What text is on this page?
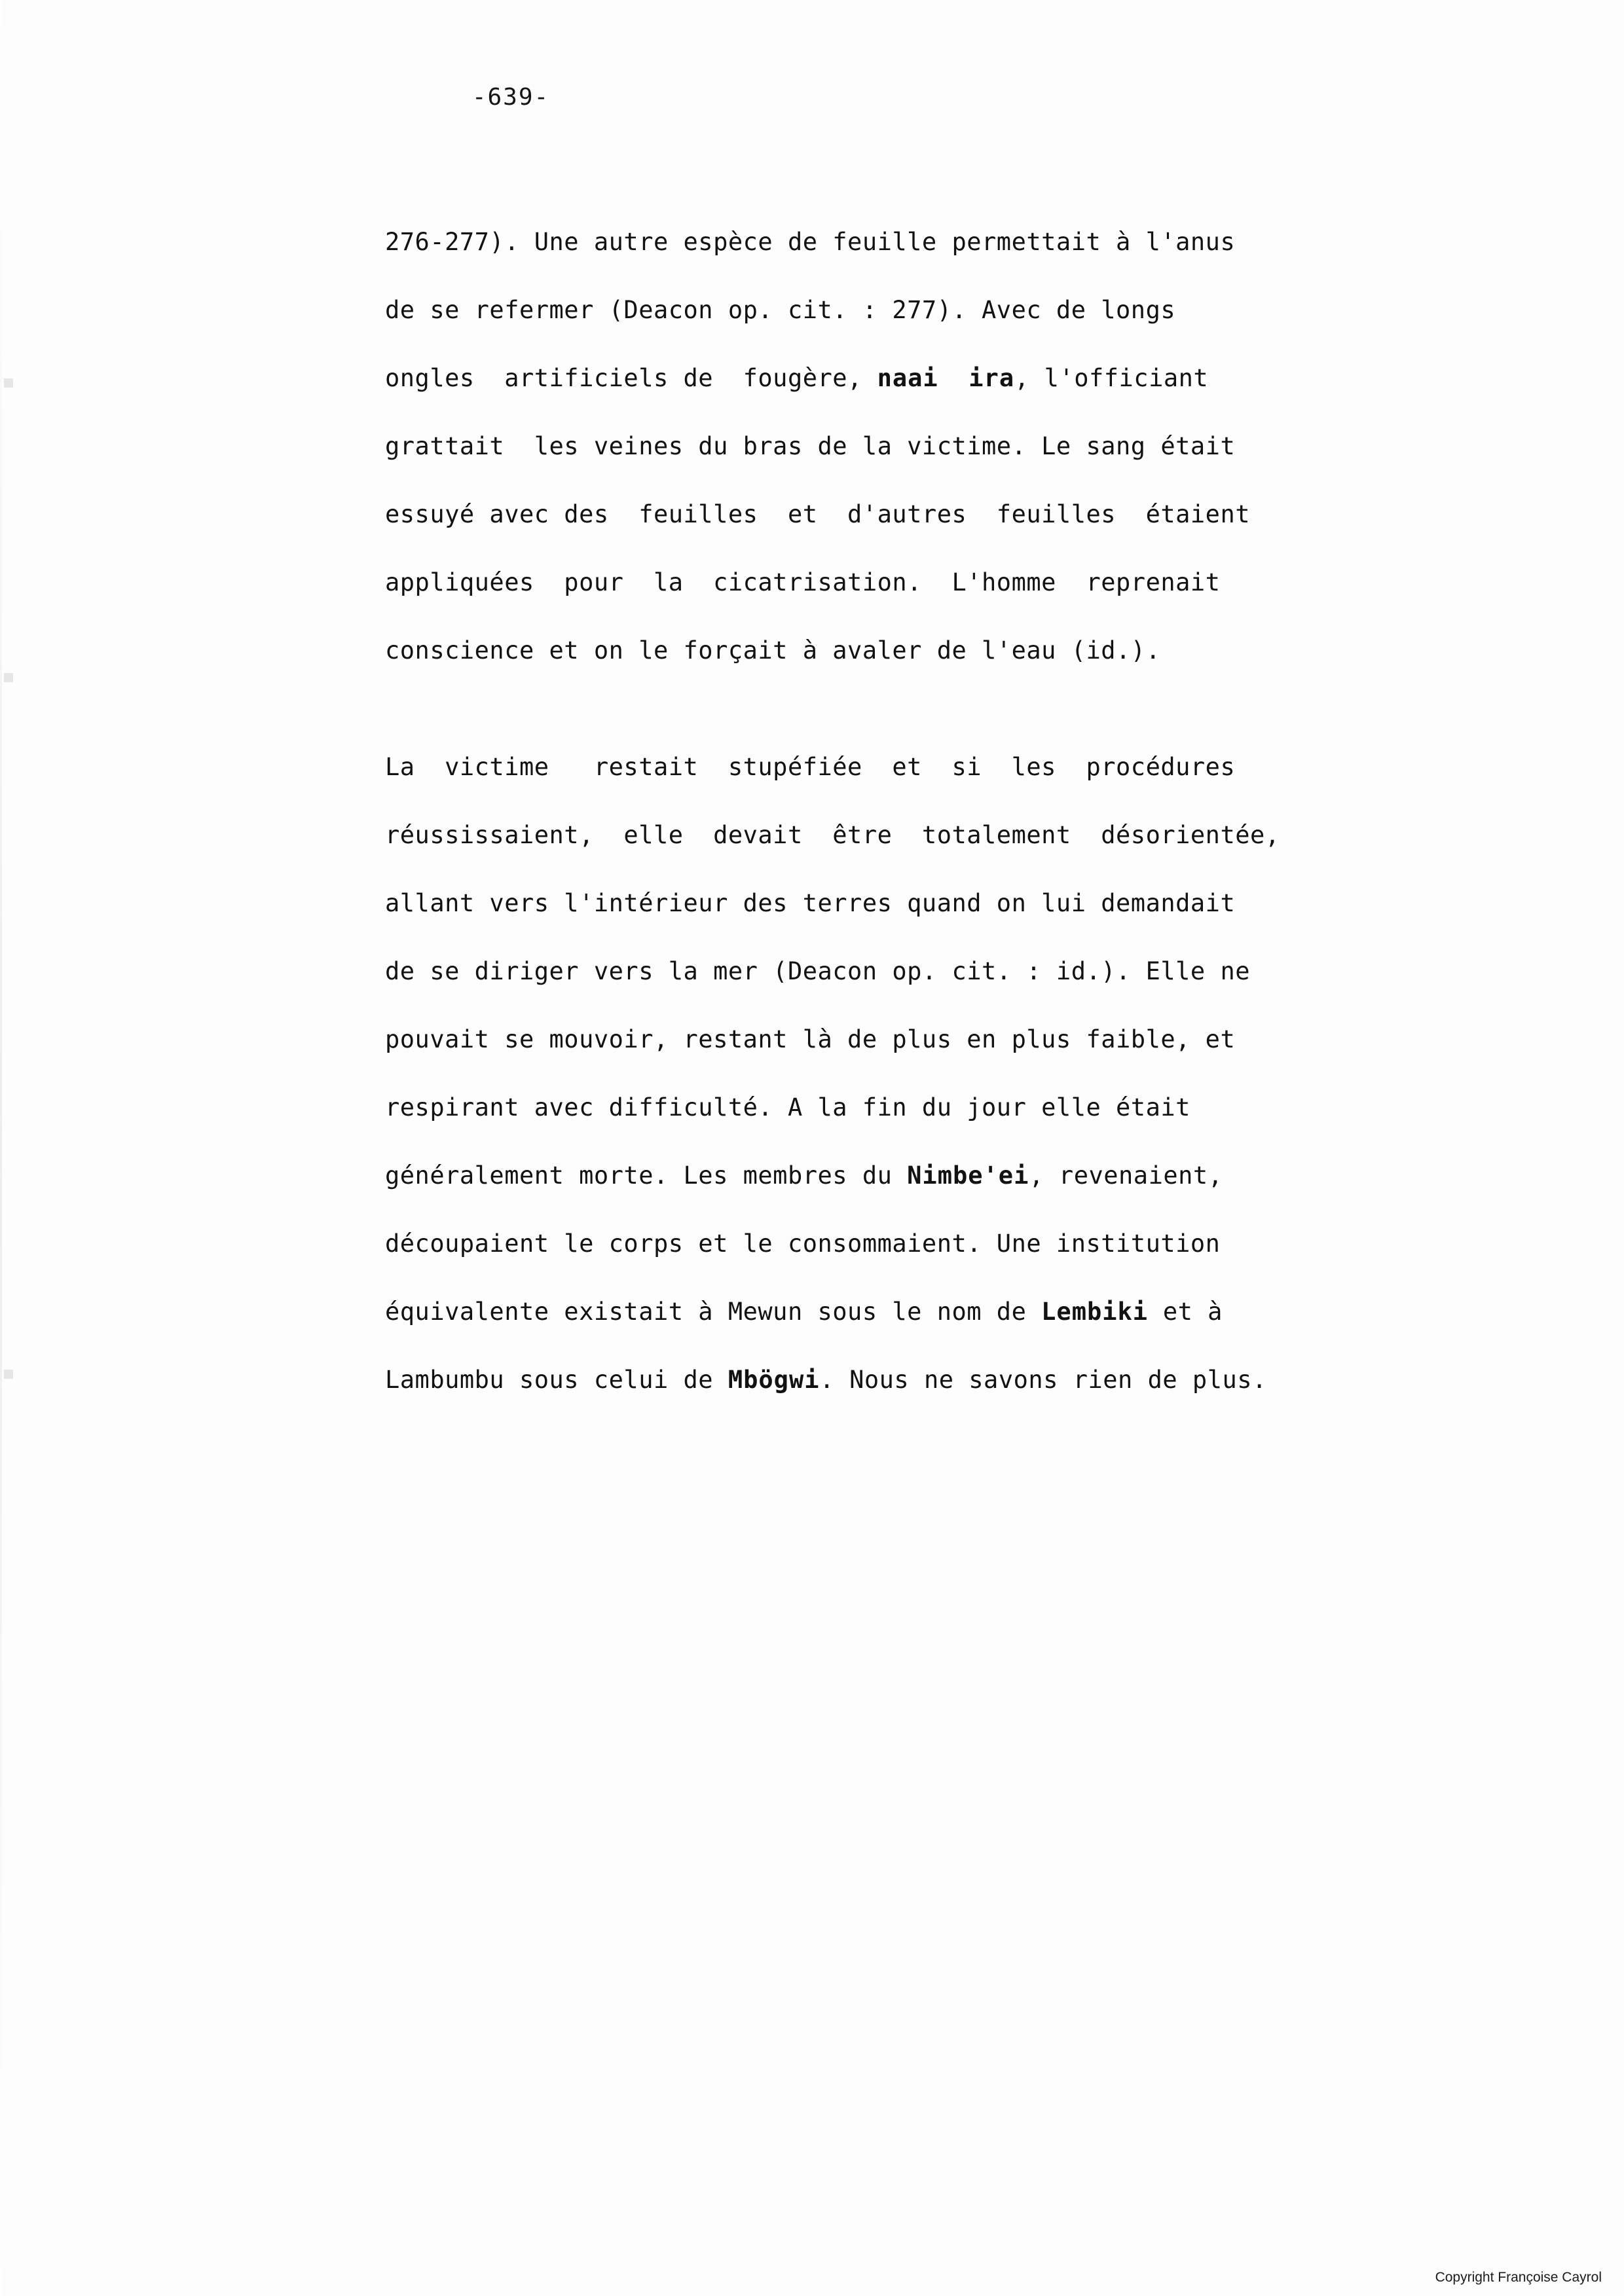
-639-
276-277). Une autre espèce de feuille permettait à l'anus
de se refermer (Deacon op. cit. : 277). Avec de longs
ongles  artificiels de  fougère, naai  ira, l'officiant
grattait  les veines du bras de la victime. Le sang était
essuyé avec des  feuilles  et  d'autres  feuilles  étaient
appliquées  pour  la  cicatrisation.  L'homme  reprenait
conscience et on le forçait à avaler de l'eau (id.).
La  victime   restait  stupéfiée  et  si  les  procédures
réussissaient,  elle  devait  être  totalement  désorientée,
allant vers l'intérieur des terres quand on lui demandait
de se diriger vers la mer (Deacon op. cit. : id.). Elle ne
pouvait se mouvoir, restant là de plus en plus faible, et
respirant avec difficulté. A la fin du jour elle était
généralement morte. Les membres du Nimbe'ei, revenaient,
découpaient le corps et le consommaient. Une institution
équivalente existait à Mewun sous le nom de Lembiki et à
Lambumbu sous celui de Mbögwi. Nous ne savons rien de plus.
Copyright Françoise Cayrol
